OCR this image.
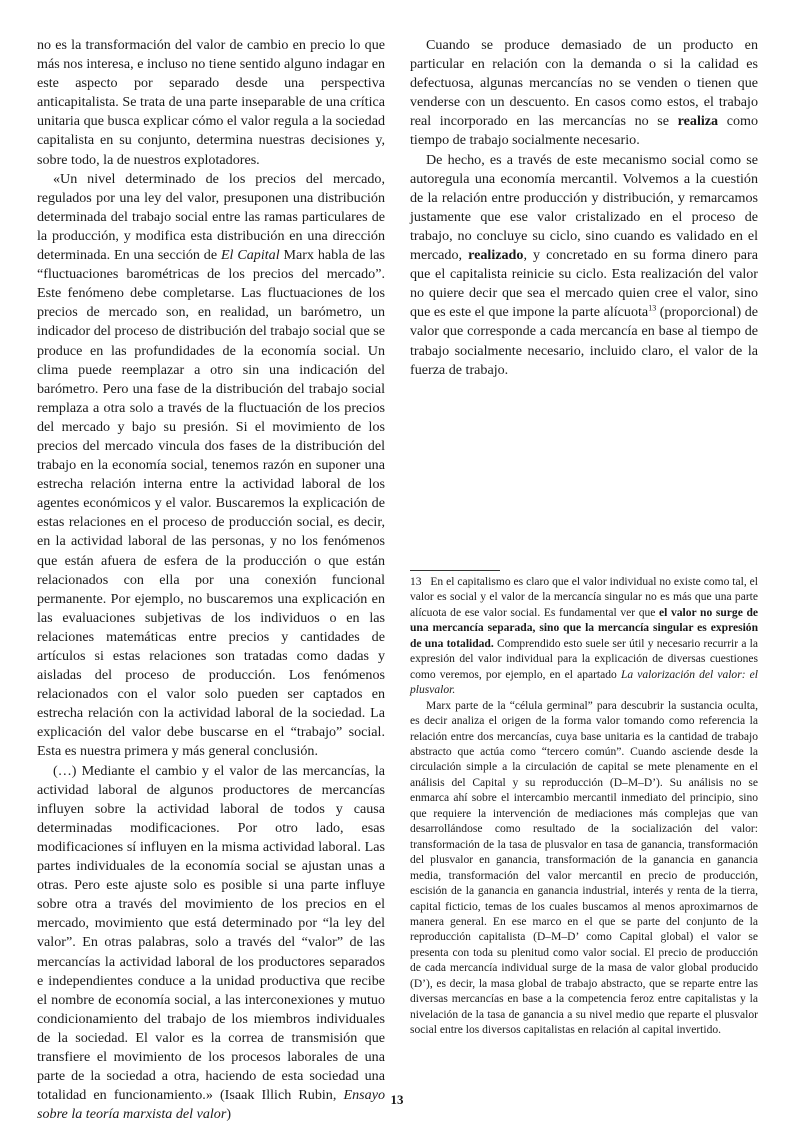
no es la transformación del valor de cambio en precio lo que más nos interesa, e incluso no tiene sentido alguno indagar en este aspecto por separado desde una perspectiva anticapitalista. Se trata de una parte inseparable de una crítica unitaria que busca explicar cómo el valor regula a la sociedad capitalista en su conjunto, determina nuestras decisiones y, sobre todo, la de nuestros explotadores.

«Un nivel determinado de los precios del mercado, regulados por una ley del valor, presuponen una distribución determinada del trabajo social entre las ramas particulares de la producción, y modifica esta distribución en una dirección determinada. En una sección de El Capital Marx habla de las “fluctuaciones barométricas de los precios del mercado”. Este fenómeno debe completarse. Las fluctuaciones de los precios de mercado son, en realidad, un barómetro, un indicador del proceso de distribución del trabajo social que se produce en las profundidades de la economía social. Un clima puede reemplazar a otro sin una indicación del barómetro. Pero una fase de la distribución del trabajo social remplaza a otra solo a través de la fluctuación de los precios del mercado y bajo su presión. Si el movimiento de los precios del mercado vincula dos fases de la distribución del trabajo en la economía social, tenemos razón en suponer una estrecha relación interna entre la actividad laboral de los agentes económicos y el valor. Buscaremos la explicación de estas relaciones en el proceso de producción social, es decir, en la actividad laboral de las personas, y no los fenómenos que están afuera de esfera de la producción o que están relacionados con ella por una conexión funcional permanente. Por ejemplo, no buscaremos una explicación en las evaluaciones subjetivas de los individuos o en las relaciones matemáticas entre precios y cantidades de artículos si estas relaciones son tratadas como dadas y aisladas del proceso de producción. Los fenómenos relacionados con el valor solo pueden ser captados en estrecha relación con la actividad laboral de la sociedad. La explicación del valor debe buscarse en el “trabajo” social. Esta es nuestra primera y más general conclusión.

(…) Mediante el cambio y el valor de las mercancías, la actividad laboral de algunos productores de mercancías influyen sobre la actividad laboral de todos y causa determinadas modificaciones. Por otro lado, esas modificaciones sí influyen en la misma actividad laboral. Las partes individuales de la economía social se ajustan unas a otras. Pero este ajuste solo es posible si una parte influye sobre otra a través del movimiento de los precios en el mercado, movimiento que está determinado por “la ley del valor”. En otras palabras, solo a través del “valor” de las mercancías la actividad laboral de los productores separados e independientes conduce a la unidad productiva que recibe el nombre de economía social, a las interconexiones y mutuo condicionamiento del trabajo de los miembros individuales de la sociedad. El valor es la correa de transmisión que transfiere el movimiento de los procesos laborales de una parte de la sociedad a otra, haciendo de esta sociedad una totalidad en funcionamiento.» (Isaak Illich Rubin, Ensayo sobre la teoría marxista del valor)

Cuando se produce demasiado de un producto en particular en relación con la demanda o si la calidad es defectuosa, algunas mercancías no se venden o tienen que venderse con un descuento. En casos como estos, el trabajo real incorporado en las mercancías no se realiza como tiempo de trabajo socialmente necesario.

De hecho, es a través de este mecanismo social como se autoregula una economía mercantil. Volvemos a la cuestión de la relación entre producción y distribución, y remarcamos justamente que ese valor cristalizado en el proceso de trabajo, no concluye su ciclo, sino cuando es validado en el mercado, realizado, y concretado en su forma dinero para que el capitalista reinicie su ciclo. Esta realización del valor no quiere decir que sea el mercado quien cree el valor, sino que es este el que impone la parte alícuota$^{13}$ (proporcional) de valor que corresponde a cada mercancía en base al tiempo de trabajo socialmente necesario, incluido claro, el valor de la fuerza de trabajo.

13 En el capitalismo es claro que el valor individual no existe como tal, el valor es social y el valor de la mercancía singular no es más que una parte alícuota de ese valor social. Es fundamental ver que el valor no surge de una mercancía separada, sino que la mercancía singular es expresión de una totalidad. Comprendido esto suele ser útil y necesario recurrir a la expresión del valor individual para la explicación de diversas cuestiones como veremos, por ejemplo, en el apartado La valorización del valor: el plusvalor.

Marx parte de la “célula germinal” para descubrir la sustancia oculta, es decir analiza el origen de la forma valor tomando como referencia la relación entre dos mercancías, cuya base unitaria es la cantidad de trabajo abstracto que actúa como “tercero común”. Cuando asciende desde la circulación simple a la circulación de capital se mete plenamente en el análisis del Capital y su reproducción (D–M–D’). Su análisis no se enmarca ahí sobre el intercambio mercantil inmediato del principio, sino que requiere la intervención de mediaciones más complejas que van desarrollándose como resultado de la socialización del valor: transformación de la tasa de plusvalor en tasa de ganancia, transformación del plusvalor en ganancia, transformación de la ganancia en ganancia media, transformación del valor mercantil en precio de producción, escisión de la ganancia en ganancia industrial, interés y renta de la tierra, capital ficticio, temas de los cuales buscamos al menos aproximarnos de manera general. En ese marco en el que se parte del conjunto de la reproducción capitalista (D–M–D’ como Capital global) el valor se presenta con toda su plenitud como valor social. El precio de producción de cada mercancía individual surge de la masa de valor global producido (D’), es decir, la masa global de trabajo abstracto, que se reparte entre las diversas mercancías en base a la competencia feroz entre capitalistas y la nivelación de la tasa de ganancia a su nivel medio que reparte el plusvalor social entre los diversos capitalistas en relación al capital invertido.

13
